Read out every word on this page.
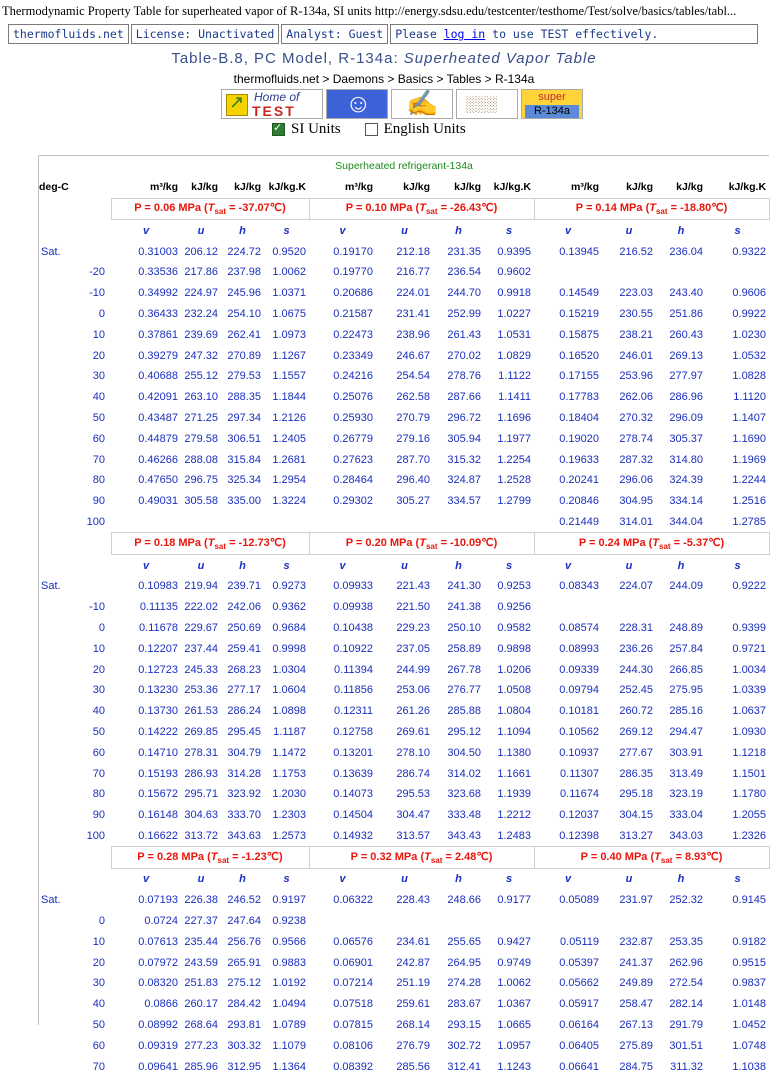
Thermodynamic Property Table for superheated vapor of R-134a, SI units http://energy.sdsu.edu/testcenter/testhome/Test/solve/basics/tables/tabl...
thermofluids.net	License: Unactivated	Analyst: Guest	Please log in to use TEST effectively.
Table-B.8, PC Model, R-134a: Superheated Vapor Table
thermofluids.net > Daemons > Basics > Tables > R-134a
↗
Home of
TEST
☺
✍
░░░
super
R-134a
✓
SI Units	English Units
Superheated refrigerant-134a												
deg-C	m³/kg	kJ/kg	kJ/kg	kJ/kg.K	m³/kg	kJ/kg	kJ/kg	kJ/kg.K	m³/kg	kJ/kg	kJ/kg	kJ/kg.K
	P = 0.06 MPa ($T_{sat}$ = -37.07℃)				P = 0.10 MPa ($T_{sat}$ = -26.43℃)				P = 0.14 MPa ($T_{sat}$ = -18.80℃)			
	v	u	h	s	v	u	h	s	v	u	h	s
Sat.	0.31003	206.12	224.72	0.9520	0.19170	212.18	231.35	0.9395	0.13945	216.52	236.04	0.9322
-20	0.33536	217.86	237.98	1.0062	0.19770	216.77	236.54	0.9602				
-10	0.34992	224.97	245.96	1.0371	0.20686	224.01	244.70	0.9918	0.14549	223.03	243.40	0.9606
0	0.36433	232.24	254.10	1.0675	0.21587	231.41	252.99	1.0227	0.15219	230.55	251.86	0.9922
10	0.37861	239.69	262.41	1.0973	0.22473	238.96	261.43	1.0531	0.15875	238.21	260.43	1.0230
20	0.39279	247.32	270.89	1.1267	0.23349	246.67	270.02	1.0829	0.16520	246.01	269.13	1.0532
30	0.40688	255.12	279.53	1.1557	0.24216	254.54	278.76	1.1122	0.17155	253.96	277.97	1.0828
40	0.42091	263.10	288.35	1.1844	0.25076	262.58	287.66	1.1411	0.17783	262.06	286.96	1.1120
50	0.43487	271.25	297.34	1.2126	0.25930	270.79	296.72	1.1696	0.18404	270.32	296.09	1.1407
60	0.44879	279.58	306.51	1.2405	0.26779	279.16	305.94	1.1977	0.19020	278.74	305.37	1.1690
70	0.46266	288.08	315.84	1.2681	0.27623	287.70	315.32	1.2254	0.19633	287.32	314.80	1.1969
80	0.47650	296.75	325.34	1.2954	0.28464	296.40	324.87	1.2528	0.20241	296.06	324.39	1.2244
90	0.49031	305.58	335.00	1.3224	0.29302	305.27	334.57	1.2799	0.20846	304.95	334.14	1.2516
100									0.21449	314.01	344.04	1.2785
	P = 0.18 MPa ($T_{sat}$ = -12.73℃)				P = 0.20 MPa ($T_{sat}$ = -10.09℃)				P = 0.24 MPa ($T_{sat}$ = -5.37℃)			
	v	u	h	s	v	u	h	s	v	u	h	s
Sat.	0.10983	219.94	239.71	0.9273	0.09933	221.43	241.30	0.9253	0.08343	224.07	244.09	0.9222
-10	0.11135	222.02	242.06	0.9362	0.09938	221.50	241.38	0.9256				
0	0.11678	229.67	250.69	0.9684	0.10438	229.23	250.10	0.9582	0.08574	228.31	248.89	0.9399
10	0.12207	237.44	259.41	0.9998	0.10922	237.05	258.89	0.9898	0.08993	236.26	257.84	0.9721
20	0.12723	245.33	268.23	1.0304	0.11394	244.99	267.78	1.0206	0.09339	244.30	266.85	1.0034
30	0.13230	253.36	277.17	1.0604	0.11856	253.06	276.77	1.0508	0.09794	252.45	275.95	1.0339
40	0.13730	261.53	286.24	1.0898	0.12311	261.26	285.88	1.0804	0.10181	260.72	285.16	1.0637
50	0.14222	269.85	295.45	1.1187	0.12758	269.61	295.12	1.1094	0.10562	269.12	294.47	1.0930
60	0.14710	278.31	304.79	1.1472	0.13201	278.10	304.50	1.1380	0.10937	277.67	303.91	1.1218
70	0.15193	286.93	314.28	1.1753	0.13639	286.74	314.02	1.1661	0.11307	286.35	313.49	1.1501
80	0.15672	295.71	323.92	1.2030	0.14073	295.53	323.68	1.1939	0.11674	295.18	323.19	1.1780
90	0.16148	304.63	333.70	1.2303	0.14504	304.47	333.48	1.2212	0.12037	304.15	333.04	1.2055
100	0.16622	313.72	343.63	1.2573	0.14932	313.57	343.43	1.2483	0.12398	313.27	343.03	1.2326
	P = 0.28 MPa ($T_{sat}$ = -1.23℃)				P = 0.32 MPa ($T_{sat}$ = 2.48℃)				P = 0.40 MPa ($T_{sat}$ = 8.93℃)			
	v	u	h	s	v	u	h	s	v	u	h	s
Sat.	0.07193	226.38	246.52	0.9197	0.06322	228.43	248.66	0.9177	0.05089	231.97	252.32	0.9145
0	0.0724	227.37	247.64	0.9238								
10	0.07613	235.44	256.76	0.9566	0.06576	234.61	255.65	0.9427	0.05119	232.87	253.35	0.9182
20	0.07972	243.59	265.91	0.9883	0.06901	242.87	264.95	0.9749	0.05397	241.37	262.96	0.9515
30	0.08320	251.83	275.12	1.0192	0.07214	251.19	274.28	1.0062	0.05662	249.89	272.54	0.9837
40	0.0866	260.17	284.42	1.0494	0.07518	259.61	283.67	1.0367	0.05917	258.47	282.14	1.0148
50	0.08992	268.64	293.81	1.0789	0.07815	268.14	293.15	1.0665	0.06164	267.13	291.79	1.0452
60	0.09319	277.23	303.32	1.1079	0.08106	276.79	302.72	1.0957	0.06405	275.89	301.51	1.0748
70	0.09641	285.96	312.95	1.1364	0.08392	285.56	312.41	1.1243	0.06641	284.75	311.32	1.1038
